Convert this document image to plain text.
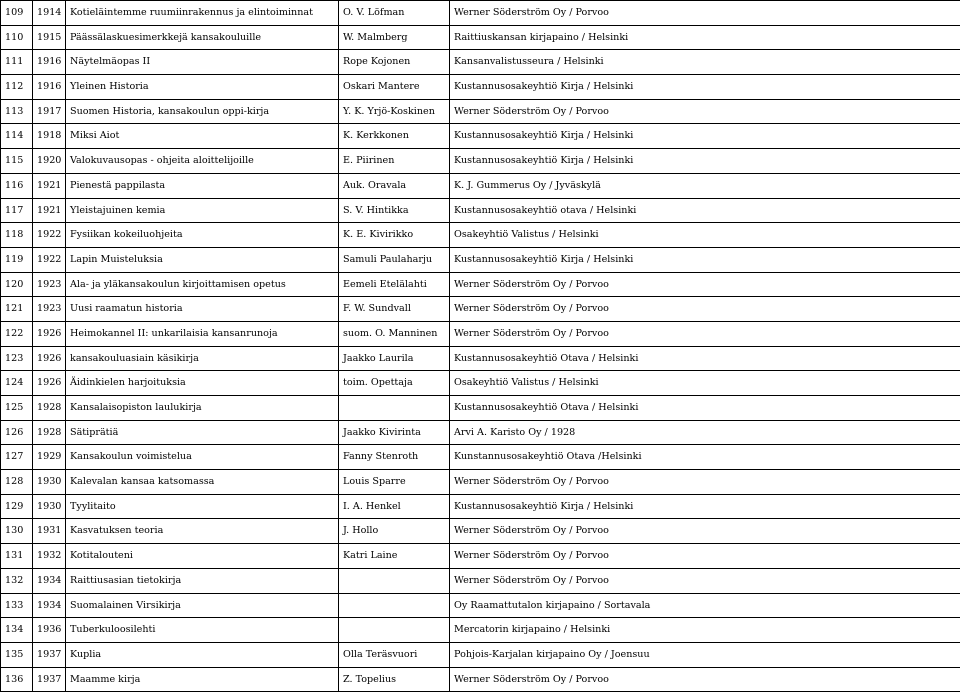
109	1914	Kotieläintemme ruumiinrakennus ja elintoiminnat	O. V. Löfman	Werner Söderström Oy / Porvoo
110	1915	Päässälaskuesimerkkejä kansakouluille	W. Malmberg	Raittiuskansan kirjapaino / Helsinki
111	1916	Näytelmäopas II	Rope Kojonen	Kansanvalistusseura / Helsinki
112	1916	Yleinen Historia	Oskari Mantere	Kustannusosakeyhtiö Kirja / Helsinki
113	1917	Suomen Historia, kansakoulun oppi-kirja	Y. K. Yrjö-Koskinen	Werner Söderström Oy / Porvoo
114	1918	Miksi Aiot	K. Kerkkonen	Kustannusosakeyhtiö Kirja / Helsinki
115	1920	Valokuvausopas - ohjeita aloittelijoille	E. Piirinen	Kustannusosakeyhtiö Kirja / Helsinki
116	1921	Pienestä pappilasta	Auk. Oravala	K. J. Gummerus Oy / Jyväskylä
117	1921	Yleistajuinen kemia	S. V. Hintikka	Kustannusosakeyhtiö otava / Helsinki
118	1922	Fysiikan kokeiluohjeita	K. E. Kivirikko	Osakeyhtiö Valistus / Helsinki
119	1922	Lapin Muisteluksia	Samuli Paulaharju	Kustannusosakeyhtiö Kirja / Helsinki
120	1923	Ala- ja yläkansakoulun kirjoittamisen opetus	Eemeli Etelälahti	Werner Söderström Oy / Porvoo
121	1923	Uusi raamatun historia	F. W. Sundvall	Werner Söderström Oy / Porvoo
122	1926	Heimokannel II: unkarilaisia kansanrunoja	suom. O. Manninen	Werner Söderström Oy / Porvoo
123	1926	kansakouluasiain käsikirja	Jaakko Laurila	Kustannusosakeyhtiö Otava / Helsinki
124	1926	Äidinkielen harjoituksia	toim. Opettaja	Osakeyhtiö Valistus / Helsinki
125	1928	Kansalaisopiston laulukirja		Kustannusosakeyhtiö Otava / Helsinki
126	1928	Sätiprätiä	Jaakko Kivirinta	Arvi A. Karisto Oy / 1928
127	1929	Kansakoulun voimistelua	Fanny Stenroth	Kunstannusosakeyhtiö Otava /Helsinki
128	1930	Kalevalan kansaa katsomassa	Louis Sparre	Werner Söderström Oy / Porvoo
129	1930	Tyylitaito	I. A. Henkel	Kustannusosakeyhtiö Kirja / Helsinki
130	1931	Kasvatuksen teoria	J. Hollo	Werner Söderström Oy / Porvoo
131	1932	Kotitalouteni	Katri Laine	Werner Söderström Oy / Porvoo
132	1934	Raittiusasian tietokirja		Werner Söderström Oy / Porvoo
133	1934	Suomalainen Virsikirja		Oy Raamattutalon kirjapaino / Sortavala
134	1936	Tuberkuloosilehti		Mercatorin kirjapaino / Helsinki
135	1937	Kuplia	Olla Teräsvuori	Pohjois-Karjalan kirjapaino Oy / Joensuu
136	1937	Maamme kirja	Z. Topelius	Werner Söderström Oy / Porvoo
